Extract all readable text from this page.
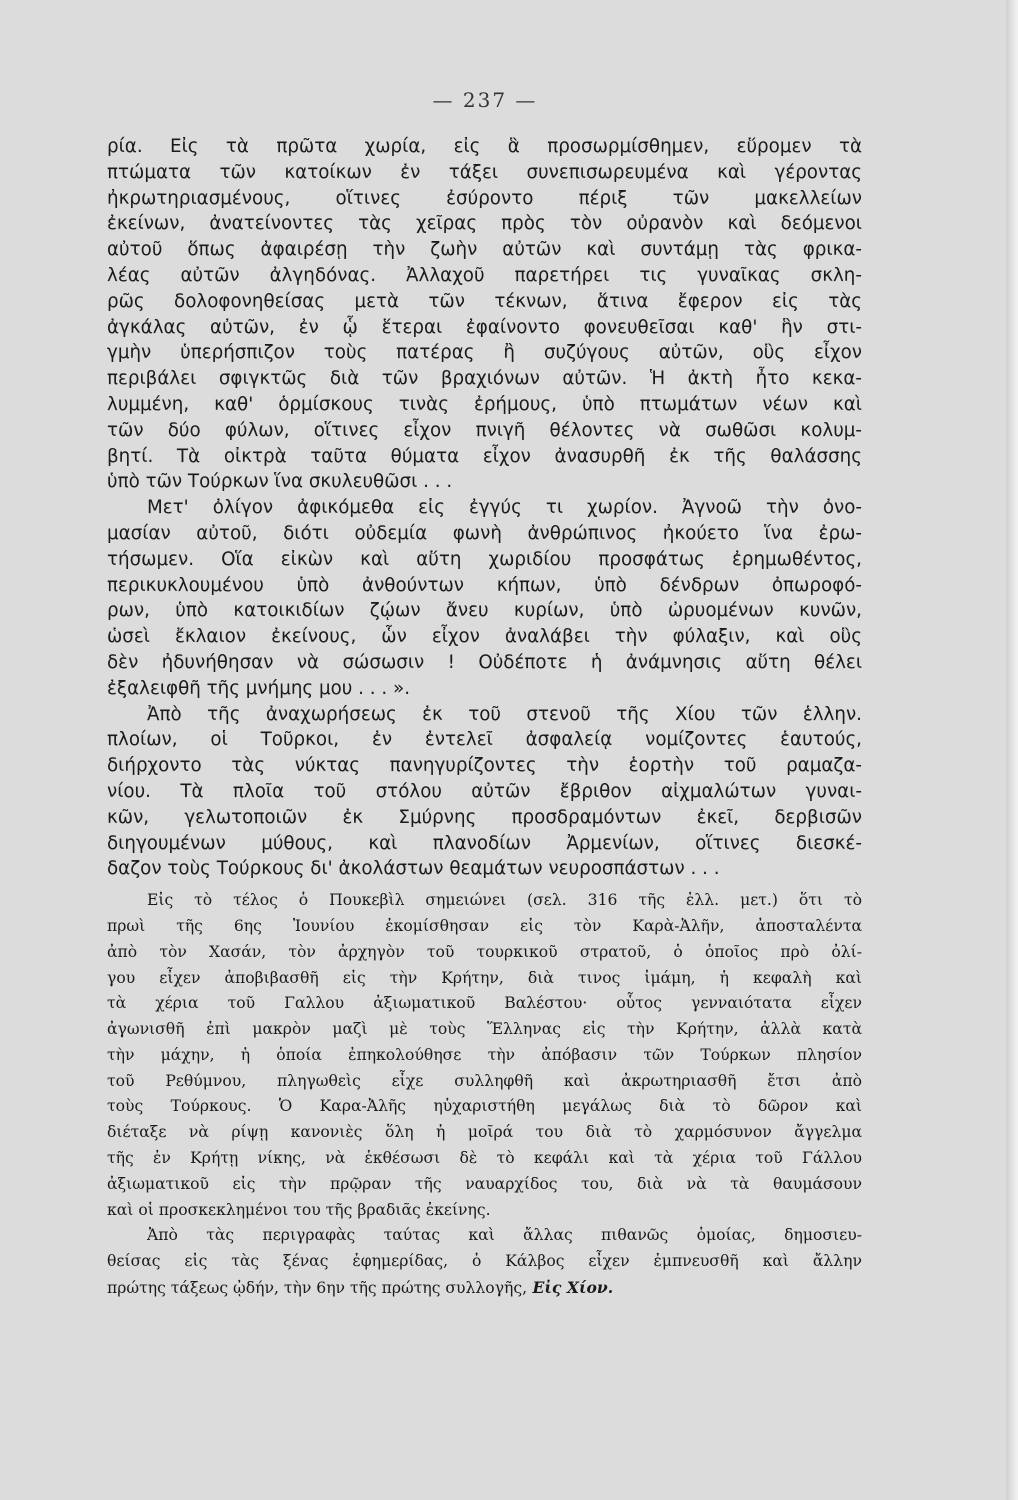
— 237 —
ρία. Εἰς τὰ πρῶτα χωρία, εἰς ἃ προσωρμίσθημεν, εὕρομεν τὰ
πτώματα τῶν κατοίκων ἐν τάξει συνεπισωρευμένα καὶ γέροντας
ἠκρωτηριασμένους, οἵτινες ἐσύροντο πέριξ τῶν μακελλείων
ἐκείνων, ἀνατείνοντες τὰς χεῖρας πρὸς τὸν οὐρανὸν καὶ δεόμενοι
αὐτοῦ ὅπως ἀφαιρέσῃ τὴν ζωὴν αὐτῶν καὶ συντάμῃ τὰς φρικα-
λέας αὐτῶν ἀλγηδόνας. Ἀλλαχοῦ παρετήρει τις γυναῖκας σκλη-
ρῶς δολοφονηθείσας μετὰ τῶν τέκνων, ἅτινα ἔφερον εἰς τὰς
ἀγκάλας αὐτῶν, ἐν ᾧ ἕτεραι ἐφαίνοντο φονευθεῖσαι καθ' ἣν στι-
γμὴν ὑπερήσπιζον τοὺς πατέρας ἢ συζύγους αὐτῶν, οὓς εἶχον
περιβάλει σφιγκτῶς διὰ τῶν βραχιόνων αὐτῶν. Ἡ ἀκτὴ ἦτο κεκα-
λυμμένη, καθ' ὁρμίσκους τινὰς ἐρήμους, ὑπὸ πτωμάτων νέων καὶ
τῶν δύο φύλων, οἵτινες εἶχον πνιγῆ θέλοντες νὰ σωθῶσι κολυμ-
βητί. Τὰ οἰκτρὰ ταῦτα θύματα εἶχον ἀνασυρθῆ ἐκ τῆς θαλάσσης
ὑπὸ τῶν Τούρκων ἵνα σκυλευθῶσι . . .
Μετ' ὀλίγον ἀφικόμεθα εἰς ἐγγύς τι χωρίον. Ἀγνοῶ τὴν ὀνο-
μασίαν αὐτοῦ, διότι οὐδεμία φωνὴ ἀνθρώπινος ἠκούετο ἵνα ἐρω-
τήσωμεν. Οἵα εἰκὼν καὶ αὕτη χωριδίου προσφάτως ἐρημωθέντος,
περικυκλουμένου ὑπὸ ἀνθούντων κήπων, ὑπὸ δένδρων ὀπωροφό-
ρων, ὑπὸ κατοικιδίων ζῴων ἄνευ κυρίων, ὑπὸ ὠρυομένων κυνῶν,
ὡσεὶ ἔκλαιον ἐκείνους, ὧν εἶχον ἀναλάβει τὴν φύλαξιν, καὶ οὓς
δὲν ἠδυνήθησαν νὰ σώσωσιν ! Οὐδέποτε ἡ ἀνάμνησις αὕτη θέλει
ἐξαλειφθῆ τῆς μνήμης μου . . . ».
Ἀπὸ τῆς ἀναχωρήσεως ἐκ τοῦ στενοῦ τῆς Χίου τῶν ἑλλην.
πλοίων, οἱ Τοῦρκοι, ἐν ἐντελεῖ ἀσφαλείᾳ νομίζοντες ἑαυτούς,
διήρχοντο τὰς νύκτας πανηγυρίζοντες τὴν ἑορτὴν τοῦ ραμαζα-
νίου. Τὰ πλοῖα τοῦ στόλου αὐτῶν ἔβριθον αἰχμαλώτων γυναι-
κῶν, γελωτοποιῶν ἐκ Σμύρνης προσδραμόντων ἐκεῖ, δερβισῶν
διηγουμένων μύθους, καὶ πλανοδίων Ἀρμενίων, οἵτινες διεσκέ-
δαζον τοὺς Τούρκους δι' ἀκολάστων θεαμάτων νευροσπάστων . . .
Εἰς τὸ τέλος ὁ Πουκεβὶλ σημειώνει (σελ. 316 τῆς ἑλλ. μετ.) ὅτι τὸ
πρωὶ τῆς 6ης Ἰουνίου ἐκομίσθησαν εἰς τὸν Καρὰ-Ἀλῆν, ἀποσταλέντα
ἀπὸ τὸν Χασάν, τὸν ἀρχηγὸν τοῦ τουρκικοῦ στρατοῦ, ὁ ὁποῖος πρὸ ὀλί-
γου εἶχεν ἀποβιβασθῆ εἰς τὴν Κρήτην, διὰ τινος ἰμάμη, ἡ κεφαλὴ καὶ
τὰ χέρια τοῦ Γαλλου ἀξιωματικοῦ Βαλέστου· οὗτος γενναιότατα εἶχεν
ἀγωνισθῆ ἐπὶ μακρὸν μαζὶ μὲ τοὺς Ἕλληνας εἰς τὴν Κρήτην, ἀλλὰ κατὰ
τὴν μάχην, ἡ ὁποία ἐπηκολούθησε τὴν ἀπόβασιν τῶν Τούρκων πλησίον
τοῦ Ρεθύμνου, πληγωθεὶς εἶχε συλληφθῆ καὶ ἀκρωτηριασθῆ ἔτσι ἀπὸ
τοὺς Τούρκους. Ὁ Καρα-Ἀλῆς ηὐχαριστήθη μεγάλως διὰ τὸ δῶρον καὶ
διέταξε νὰ ρίψῃ κανονιὲς ὅλη ἡ μοῖρά του διὰ τὸ χαρμόσυνον ἄγγελμα
τῆς ἐν Κρήτῃ νίκης, νὰ ἐκθέσωσι δὲ τὸ κεφάλι καὶ τὰ χέρια τοῦ Γάλλου
ἀξιωματικοῦ εἰς τὴν πρῷραν τῆς ναυαρχίδος του, διὰ νὰ τὰ θαυμάσουν
καὶ οἱ προσκεκλημένοι του τῆς βραδιᾶς ἐκείνης.
Ἀπὸ τὰς περιγραφὰς ταύτας καὶ ἄλλας πιθανῶς ὁμοίας, δημοσιευ-
θείσας εἰς τὰς ξένας ἐφημερίδας, ὁ Κάλβος εἶχεν ἐμπνευσθῆ καὶ ἄλλην
πρώτης τάξεως ᾠδήν, τὴν 6ην τῆς πρώτης συλλογῆς, Εἰς Χίον.
